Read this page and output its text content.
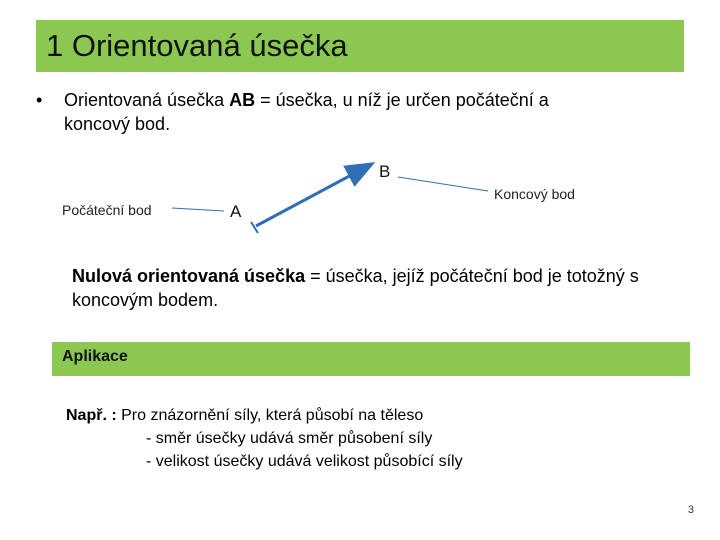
1 Orientovaná úsečka
• Orientovaná úsečka AB = úsečka, u níž je určen počáteční a
koncový bod.
Počáteční bod
Koncový bod
A
B
Nulová orientovaná úsečka = úsečka, jejíž počáteční bod je totožný s koncovým bodem.
Aplikace
Např. : Pro znázornění síly, která působí na těleso
- směr úsečky udává směr působení síly
- velikost úsečky udává velikost působící síly
3
